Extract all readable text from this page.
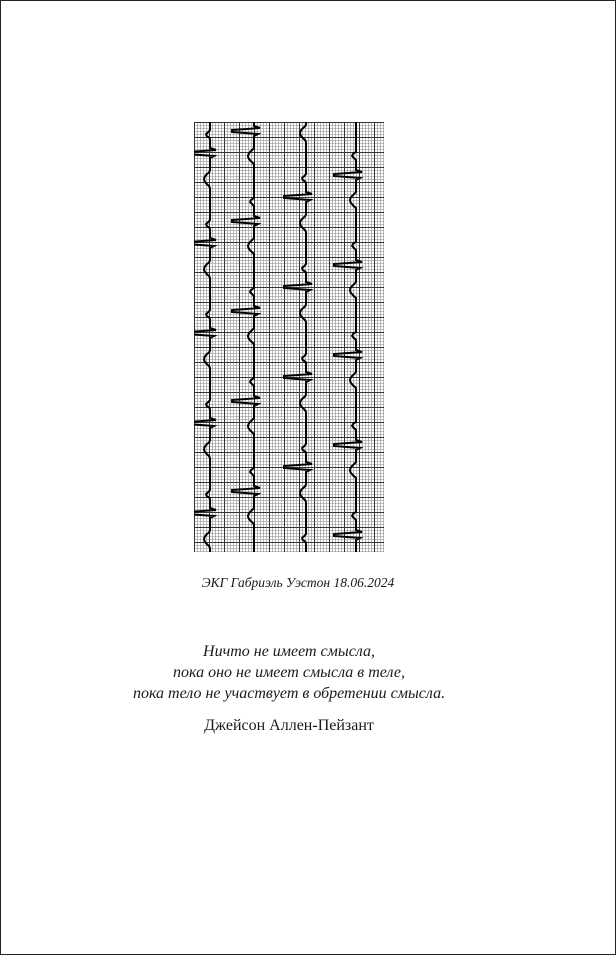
ЭКГ Габриэль Уэстон 18.06.2024
Ничто не имеет смысла,
пока оно не имеет смысла в теле,
пока тело не участвует в обретении смысла.
Джейсон Аллен-Пейзант
